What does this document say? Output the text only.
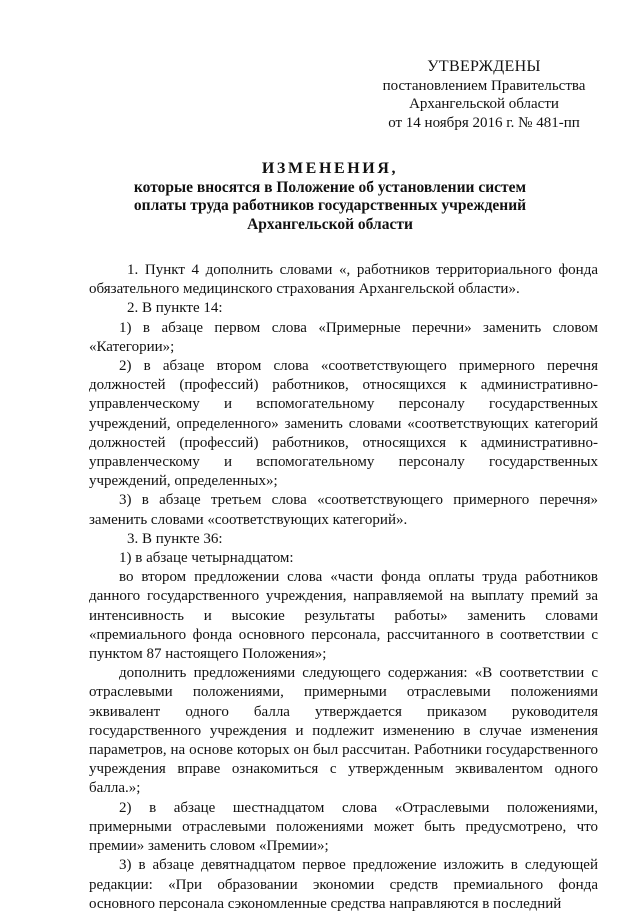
УТВЕРЖДЕНЫ
постановлением Правительства
Архангельской области
от 14 ноября 2016 г. № 481-пп
ИЗМЕНЕНИЯ,
которые вносятся в Положение об установлении систем
оплаты труда работников государственных учреждений
Архангельской области

1. Пункт 4 дополнить словами «, работников территориального фонда обязательного медицинского страхования Архангельской области».

2. В пункте 14:

1) в абзаце первом слова «Примерные перечни» заменить словом «Категории»;

2) в абзаце втором слова «соответствующего примерного перечня должностей (профессий) работников, относящихся к административно-управленческому и вспомогательному персоналу государственных учреждений, определенного» заменить словами «соответствующих категорий должностей (профессий) работников, относящихся к административно-управленческому и вспомогательному персоналу государственных учреждений, определенных»;

3) в абзаце третьем слова «соответствующего примерного перечня» заменить словами «соответствующих категорий».

3. В пункте 36:

1) в абзаце четырнадцатом:

во втором предложении слова «части фонда оплаты труда работников данного государственного учреждения, направляемой на выплату премий за интенсивность и высокие результаты работы» заменить словами «премиального фонда основного персонала, рассчитанного в соответствии с пунктом 87 настоящего Положения»;

дополнить предложениями следующего содержания: «В соответствии с отраслевыми положениями, примерными отраслевыми положениями эквивалент одного балла утверждается приказом руководителя государственного учреждения и подлежит изменению в случае изменения параметров, на основе которых он был рассчитан. Работники государственного учреждения вправе ознакомиться с утвержденным эквивалентом одного балла.»;

2) в абзаце шестнадцатом слова «Отраслевыми положениями, примерными отраслевыми положениями может быть предусмотрено, что премии» заменить словом «Премии»;

3) в абзаце девятнадцатом первое предложение изложить в следующей редакции: «При образовании экономии средств премиального фонда основного персонала сэкономленные средства направляются в последний
